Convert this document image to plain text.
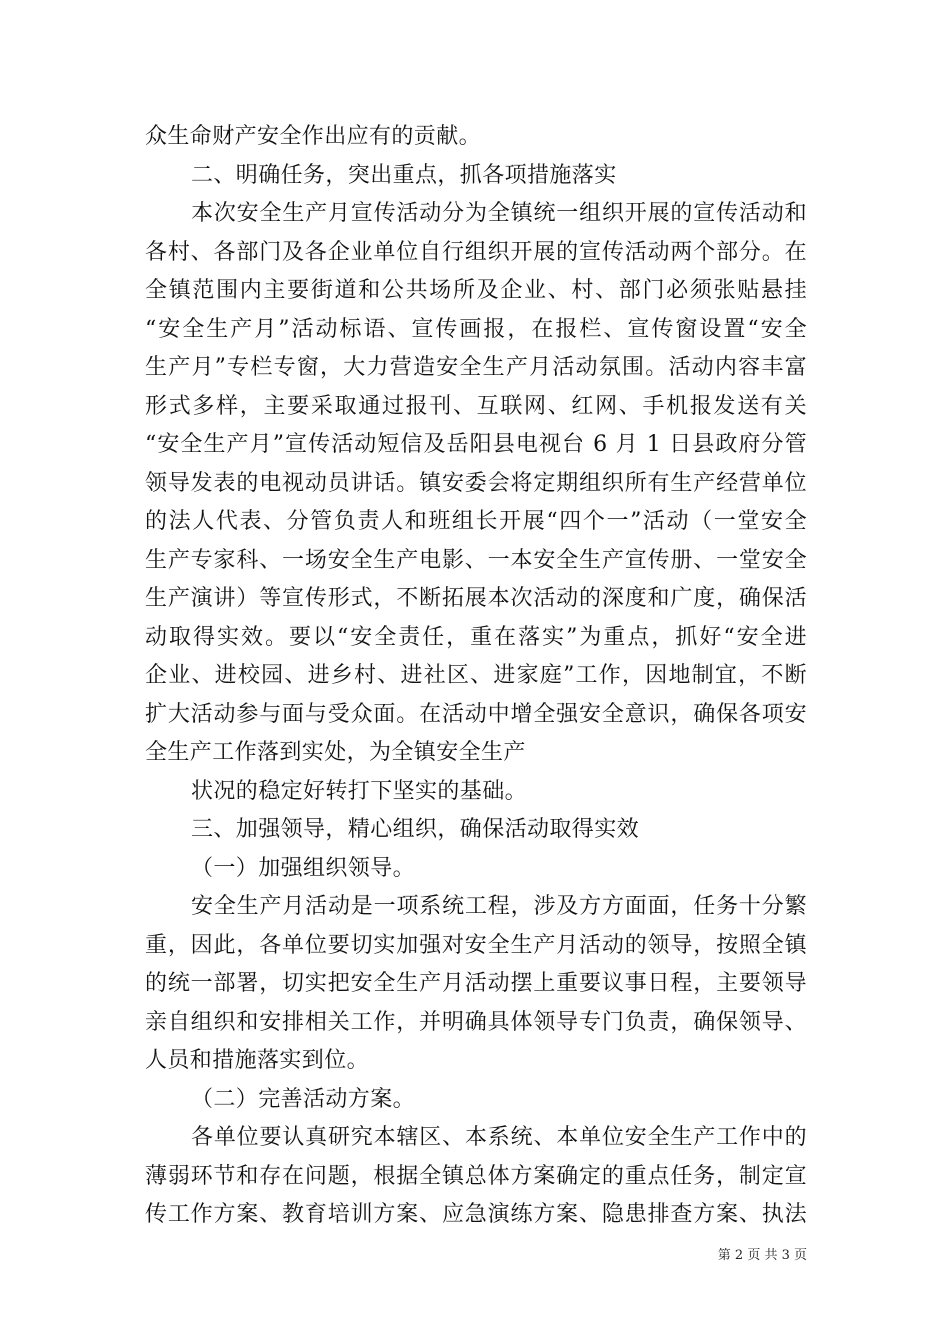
众生命财产安全作出应有的贡献。
二、明确任务，突出重点，抓各项措施落实
本次安全生产月宣传活动分为全镇统一组织开展的宣传活动和
各村、各部门及各企业单位自行组织开展的宣传活动两个部分。在
全镇范围内主要街道和公共场所及企业、村、部门必须张贴悬挂
“安全生产月”活动标语、宣传画报，在报栏、宣传窗设置“安全
生产月”专栏专窗，大力营造安全生产月活动氛围。活动内容丰富
形式多样，主要采取通过报刊、互联网、红网、手机报发送有关
“安全生产月”宣传活动短信及岳阳县电视台 6 月 1 日县政府分管
领导发表的电视动员讲话。镇安委会将定期组织所有生产经营单位
的法人代表、分管负责人和班组长开展“四个一”活动（一堂安全
生产专家科、一场安全生产电影、一本安全生产宣传册、一堂安全
生产演讲）等宣传形式，不断拓展本次活动的深度和广度，确保活
动取得实效。要以“安全责任，重在落实”为重点，抓好“安全进
企业、进校园、进乡村、进社区、进家庭”工作，因地制宜，不断
扩大活动参与面与受众面。在活动中增全强安全意识，确保各项安
全生产工作落到实处，为全镇安全生产
状况的稳定好转打下坚实的基础。
三、加强领导，精心组织，确保活动取得实效
（一）加强组织领导。
安全生产月活动是一项系统工程，涉及方方面面，任务十分繁
重，因此，各单位要切实加强对安全生产月活动的领导，按照全镇
的统一部署，切实把安全生产月活动摆上重要议事日程，主要领导
亲自组织和安排相关工作，并明确具体领导专门负责，确保领导、
人员和措施落实到位。
（二）完善活动方案。
各单位要认真研究本辖区、本系统、本单位安全生产工作中的
薄弱环节和存在问题，根据全镇总体方案确定的重点任务，制定宣
传工作方案、教育培训方案、应急演练方案、隐患排查方案、执法
第 2 页 共 3 页
